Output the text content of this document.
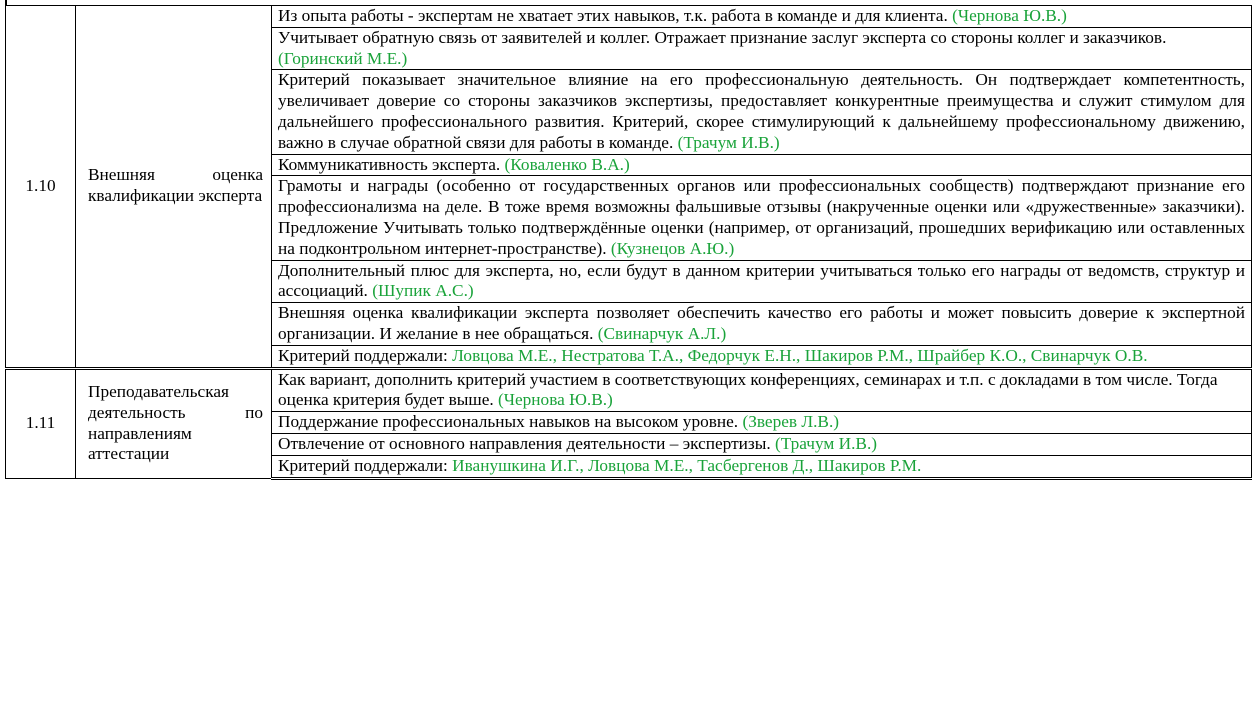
1.10	Внешняя оценка квалификации эксперта	Из опыта работы - экспертам не хватает этих навыков, т.к. работа в команде и для клиента. (Чернова Ю.В.)
		Учитывает обратную связь от заявителей и коллег. Отражает признание заслуг эксперта со стороны коллег и заказчиков. (Горинский М.Е.)
		Критерий показывает значительное влияние на его профессиональную деятельность. Он подтверждает компетентность, увеличивает доверие со стороны заказчиков экспертизы, предоставляет конкурентные преимущества и служит стимулом для дальнейшего профессионального развития. Критерий, скорее стимулирующий к дальнейшему профессиональному движению, важно в случае обратной связи для работы в команде. (Трачум И.В.)
		Коммуникативность эксперта. (Коваленко В.А.)
		Грамоты и награды (особенно от государственных органов или профессиональных сообществ) подтверждают признание его профессионализма на деле. В тоже время возможны фальшивые отзывы (накрученные оценки или «дружественные» заказчики). Предложение Учитывать только подтверждённые оценки (например, от организаций, прошедших верификацию или оставленных на подконтрольном интернет-пространстве). (Кузнецов А.Ю.)
		Дополнительный плюс для эксперта, но, если будут в данном критерии учитываться только его награды от ведомств, структур и ассоциаций. (Шупик А.С.)
		Внешняя оценка квалификации эксперта позволяет обеспечить качество его работы и может повысить доверие к экспертной организации. И желание в нее обращаться. (Свинарчук А.Л.)
		Критерий поддержали: Ловцова М.Е., Нестратова Т.А., Федорчук Е.Н., Шакиров Р.М., Шрайбер К.О., Свинарчук О.В.
1.11	Преподавательская деятельность по направлениям аттестации	Как вариант, дополнить критерий участием в соответствующих конференциях, семинарах и т.п. с докладами в том числе. Тогда оценка критерия будет выше. (Чернова Ю.В.)
		Поддержание профессиональных навыков на высоком уровне. (Зверев Л.В.)
		Отвлечение от основного направления деятельности – экспертизы. (Трачум И.В.)
		Критерий поддержали: Иванушкина И.Г., Ловцова М.Е., Тасбергенов Д., Шакиров Р.М.
